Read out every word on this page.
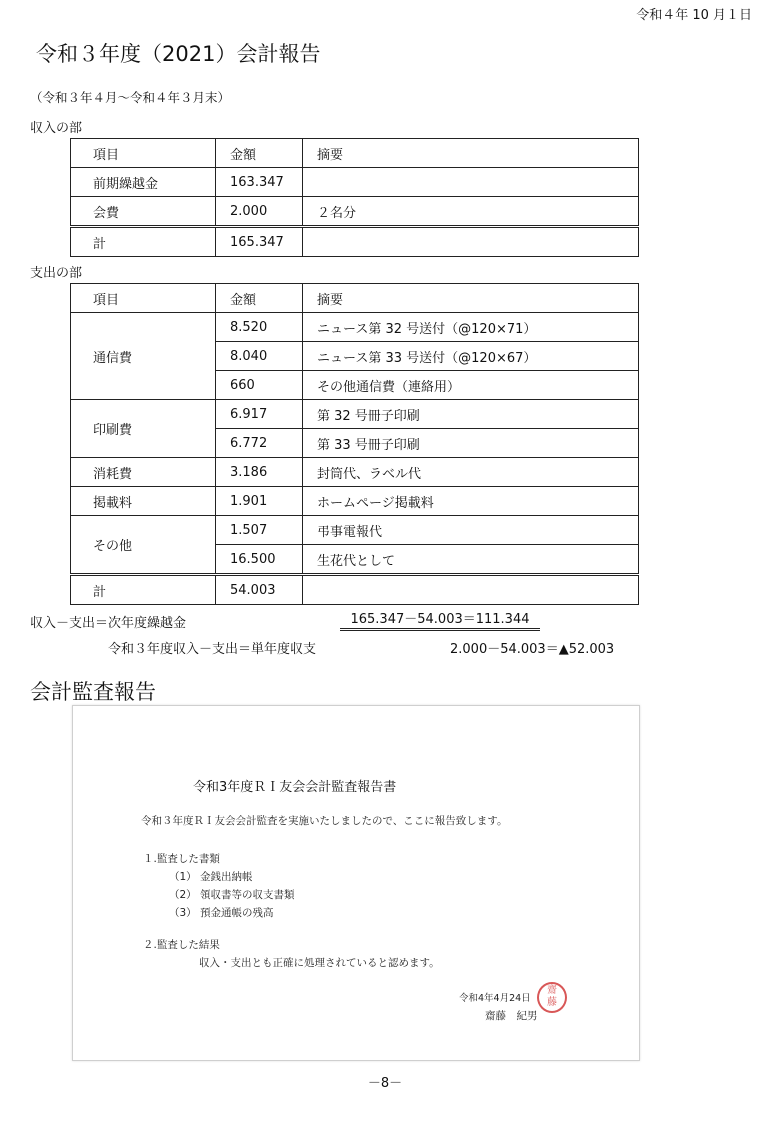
令和４年 10 月１日
令和３年度（2021）会計報告
（令和３年４月～令和４年３月末）
収入の部
項目	金額	摘要
前期繰越金	163.347	
会費	2.000	２名分
計	165.347	
支出の部
項目	金額	摘要
通信費	8.520	ニュース第 32 号送付（@120×71）
	8.040	ニュース第 33 号送付（@120×67）
	660	その他通信費（連絡用）
印刷費	6.917	第 32 号冊子印刷
	6.772	第 33 号冊子印刷
消耗費	3.186	封筒代、ラベル代
掲載料	1.901	ホームページ掲載料
その他	1.507	弔事電報代
	16.500	生花代として
計	54.003	
収入－支出＝次年度繰越金	165.347－54.003＝111.344
令和３年度収入－支出＝単年度収支	2.000－54.003＝▲52.003
会計監査報告
令和3年度ＲＩ友会会計監査報告書
令和３年度ＲＩ友会会計監査を実施いたしましたので、ここに報告致します。
１.監査した書類
（1） 金銭出納帳
（2） 領収書等の収支書類
（3） 預金通帳の残高
２.監査した結果
収入・支出とも正確に処理されていると認めます。
令和4年4月24日
齋藤　紀男
齋
藤
－8－
